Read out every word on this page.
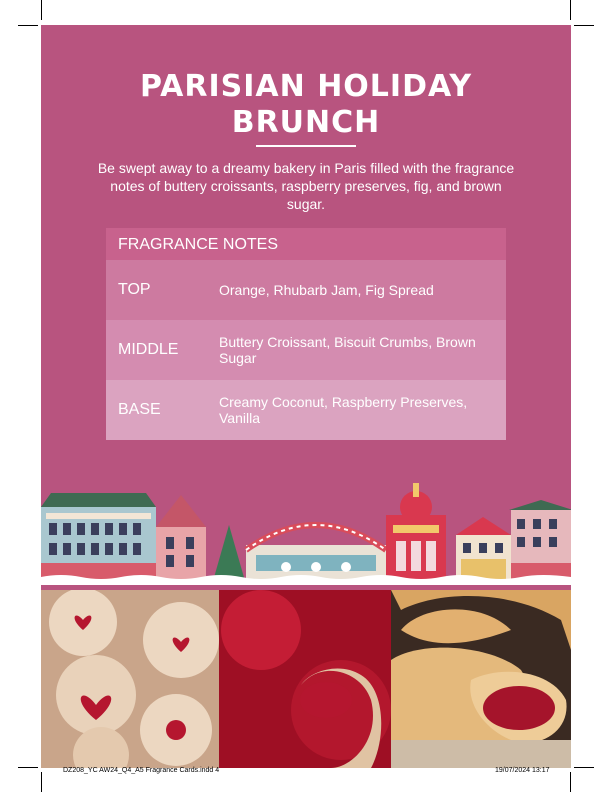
PARISIAN HOLIDAY
BRUNCH

Be swept away to a dreamy bakery in Paris filled with the fragrance notes of buttery croissants, raspberry preserves, fig, and brown sugar.

FRAGRANCE NOTES
TOP	Orange, Rhubarb Jam, Fig Spread
MIDDLE	Buttery Croissant, Biscuit Crumbs, Brown Sugar
BASE	Creamy Coconut, Raspberry Preserves, Vanilla
DZ208_YC AW24_Q4_A5 Fragrance Cards.indd 4	19/07/2024 13:17
